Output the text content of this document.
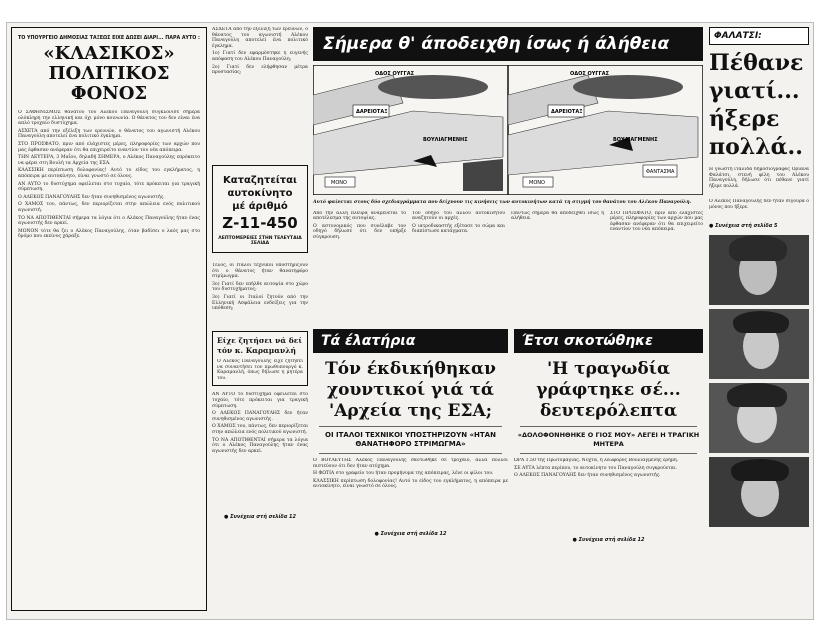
ΤΟ ΥΠΟΥΡΓΕΙΟ ΔΗΜΟΣΙΑΣ ΤΑΞΕΩΣ ΕΙΧΕ ΔΩΣΕΙ ΔΙΑΡΙ... ΠΑΡΑ ΑΥΤΟ :
«ΚΛΑΣΙΚΟΣ» ΠΟΛΙΤΙΚΟΣ ΦΟΝΟΣ

Ο ΣΑΦΗΝΙΣΜΟΣ θανάτου του Αλέκου Παναγούλη συγκλόνισε σήμερα ολόκληρη την ελληνική και όχι μόνο κοινωνία. Ο θάνατος του δεν είναι ένα απλό τροχαίο δυστύχημα.

ΑΣΧΕΤΑ από την εξέλιξη των ερευνών, ο θάνατος του αγωνιστή Αλέκου Παναγούλη αποτελεί ένα πολιτικό έγκλημα.

ΣΤΟ ΠΡΟΣΦΑΤΟ, πριν από ελάχιστες μέρες, πληροφορίες των αρχών που μας έφθασαν ανέφεραν ότι θα επιχειρείτο εναντίον του νέα απόπειρα.

ΤΗΝ ΔΕΥΤΕΡΑ, 3 Μαΐου, δηλαδή ΣΗΜΕΡΑ, ο Αλέκος Παναγούλης επρόκειτο να φέρει στη Βουλή τα Αρχεία της ΕΣΑ.

ΚΛΑΣΣΙΚΗ περίπτωση δολοφονίας! Αυτό το είδος του εγκλήματος, η απόπειρα με αυτοκίνητο, είναι γνωστό σε όλους.

ΑΝ ΑΥΤΟ το δυστύχημα οφείλεται στο τυχαίο, τότε πρόκειται για τραγική σύμπτωση.

Ο ΑΛΕΚΟΣ ΠΑΝΑΓΟΥΛΗΣ δεν ήταν συνηθισμένος αγωνιστής.

Ο ΧΑΜΟΣ του, πάντως, δεν περιορίζεται στην απώλεια ενός πολιτικού αγωνιστή.

ΤΟ ΝΑ ΑΠΟΤΙΘΕΝΤΑΙ σήμερα τα λόγια ότι ο Αλέκος Παναγούλης ήταν ένας αγωνιστής δεν αρκεί.

ΜΟΝΟΝ τότε θα ζει ο Αλέκος Παναγούλης, όταν βαδίσει ο λαός μας στο δρόμο που εκείνος χάραξε.

ΑΣΧΕΤΑ από την εξέλιξη των ερευνών, ο θάνατος του αγωνιστή Αλέκου Παναγούλη αποτελεί ένα πολιτικό έγκλημα.

1ο) Γιατί δεν εφαρμόστηκε η ευγενής απόφαση του Αλέκου Παναγούλη;

2ο) Γιατί δεν ελήφθησαν μέτρα προστασίας;

Καταζητείται
αυτοκίνητο
μέ άριθμό
Ζ-11-450
ΛΕΠΤΟΜΕΡΕΙΕΣ ΣΤΗΝ ΤΕΛΕΥΤΑΙΑ ΣΕΛΙΔΑ

Τέλος, οι Ιταλοί τεχνικοί υποστηρίζουν ότι ο θάνατος ήταν θανατηφόρο στρίμωγμα.

3ο) Γιατί δεν επήλθε αυτοψία στο χώρο του δυστυχήματος;

3ο) Γιατί οι Ιταλοί ζητούν από την Ελληνική Ασφάλεια ενδείξεις για την υπόθεση;

Είχε ζητήσει νά δεί τόν κ. Καραμανλή
Ο Αλέκος Παναγούλης είχε ζητήσει να συναντήσει τον πρωθυπουργό κ. Καραμανλή, όπως δήλωσε η μητέρα του.

ΑΝ ΑΥΤΟ το δυστύχημα οφείλεται στο τυχαίο, τότε πρόκειται για τραγική σύμπτωση.

Ο ΑΛΕΚΟΣ ΠΑΝΑΓΟΥΛΗΣ δεν ήταν συνηθισμένος αγωνιστής.

Ο ΧΑΜΟΣ του, πάντως, δεν περιορίζεται στην απώλεια ενός πολιτικού αγωνιστή.

ΤΟ ΝΑ ΑΠΟΤΙΘΕΝΤΑΙ σήμερα τα λόγια ότι ο Αλέκος Παναγούλης ήταν ένας αγωνιστής δεν αρκεί.

● Συνέχεια στή σελίδα 12
Σήμερα θ' άποδειχθη ίσως ή άλήθεια
ΟΔΟΣ ΟΥΓΓΑΣ	ΟΔΟΣ ΟΥΓΓΑΣ
ΔΑΡΕΙΟΤΑΞ	ΔΑΡΕΙΟΤΑΞ
ΒΟΥΛΙΑΓΜΕΝΗΣ	ΒΟΥΛΙΑΓΜΕΝΗΣ
ΜΟΝΟ	ΜΟΝΟ
ΦΑΝΤΑΣΜΑ
Αυτό φαίνεται στους δύο σχεδιαγράμματα που δείχνουν τις κινήσεις των αυτοκινήτων κατά τη στιγμή του θανάτου του Αλέκου Παναγούλη.

Από την άλλη πλευρά αναμένεται το αποτέλεσμα της αυτοψίας.

Ο αστυνομικός που συνέλαβε τον οδηγό δήλωσε ότι δεν υπήρξε σύγκρουση.

Τον οδηγό του άλλου αυτοκινήτου αναζητούν οι αρχές.

Ο ιατροδικαστής εξέτασε το σώμα και διαπίστωσε κατάγματα.

Πάντως σήμερα θα αποδειχθεί ίσως η αλήθεια.

ΣΤΟ ΠΡΟΣΦΑΤΟ, πριν από ελάχιστες μέρες, πληροφορίες των αρχών που μας έφθασαν ανέφεραν ότι θα επιχειρείτο εναντίον του νέα απόπειρα.

Τά έλατήρια
Τόν έκδικήθηκαν χουντικοί γιά τά 'Αρχεία της ΕΣΑ;
ΟΙ ΙΤΑΛΟΙ ΤΕΧΝΙΚΟΙ ΥΠΟΣΤΗΡΙΖΟΥΝ «ΗΤΑΝ ΘΑΝΑΤΗΦΟΡΟ ΣΤΡΙΜΩΓΜΑ»

Ο ΒΟΥΛΕΥΤΗΣ Αλέκος Παναγούλης σκοτώθηκε σε τροχαίο, αλλά πολλοί πιστεύουν ότι δεν ήταν ατύχημα.

Η ΦΩΤΙΑ στο γραφείο του ήταν προμήνυμα της απόπειρας, λένε οι φίλοι του.

ΚΛΑΣΣΙΚΗ περίπτωση δολοφονίας! Αυτό το είδος του εγκλήματος, η απόπειρα με αυτοκίνητο, είναι γνωστό σε όλους.

● Συνέχεια στή σελίδα 12
Έτσι σκοτώθηκε
'Η τραγωδία γράφτηκε σέ... δευτερόλεπτα
«ΔΟΛΟΦΟΝΗΘΗΚΕ Ο ΓΙΟΣ ΜΟΥ» ΛΕΓΕΙ Η ΤΡΑΓΙΚΗ ΜΗΤΕΡΑ

ΩΡΑ 1.50 της Πρωτομαγιάς. Νύχτα, η λεωφόρος Βουλιαγμένης έρημη.

ΣΕ ΑΥΤΑ λέπτα περίπου, το αυτοκίνητο του Παναγούλη συγκρούεται.

Ο ΑΛΕΚΟΣ ΠΑΝΑΓΟΥΛΗΣ δεν ήταν συνηθισμένος αγωνιστής.

● Συνέχεια στή σελίδα 12
ΦΑΛΑΤΣΙ:
Πέθανε γιατί... ήξερε πολλά..
Η γνωστή ιταλίδα δημοσιογράφος Οριάνα Φαλάτσι, στενή φίλη του Αλέκου Παναγούλη, δήλωσε ότι πέθανε γιατί ήξερε πολλά.
Ο Αλέκος Παναγούλης δεν ήταν σίγουρα ο μόνος που ήξερε.
● Συνέχεια στή σελίδα 5
